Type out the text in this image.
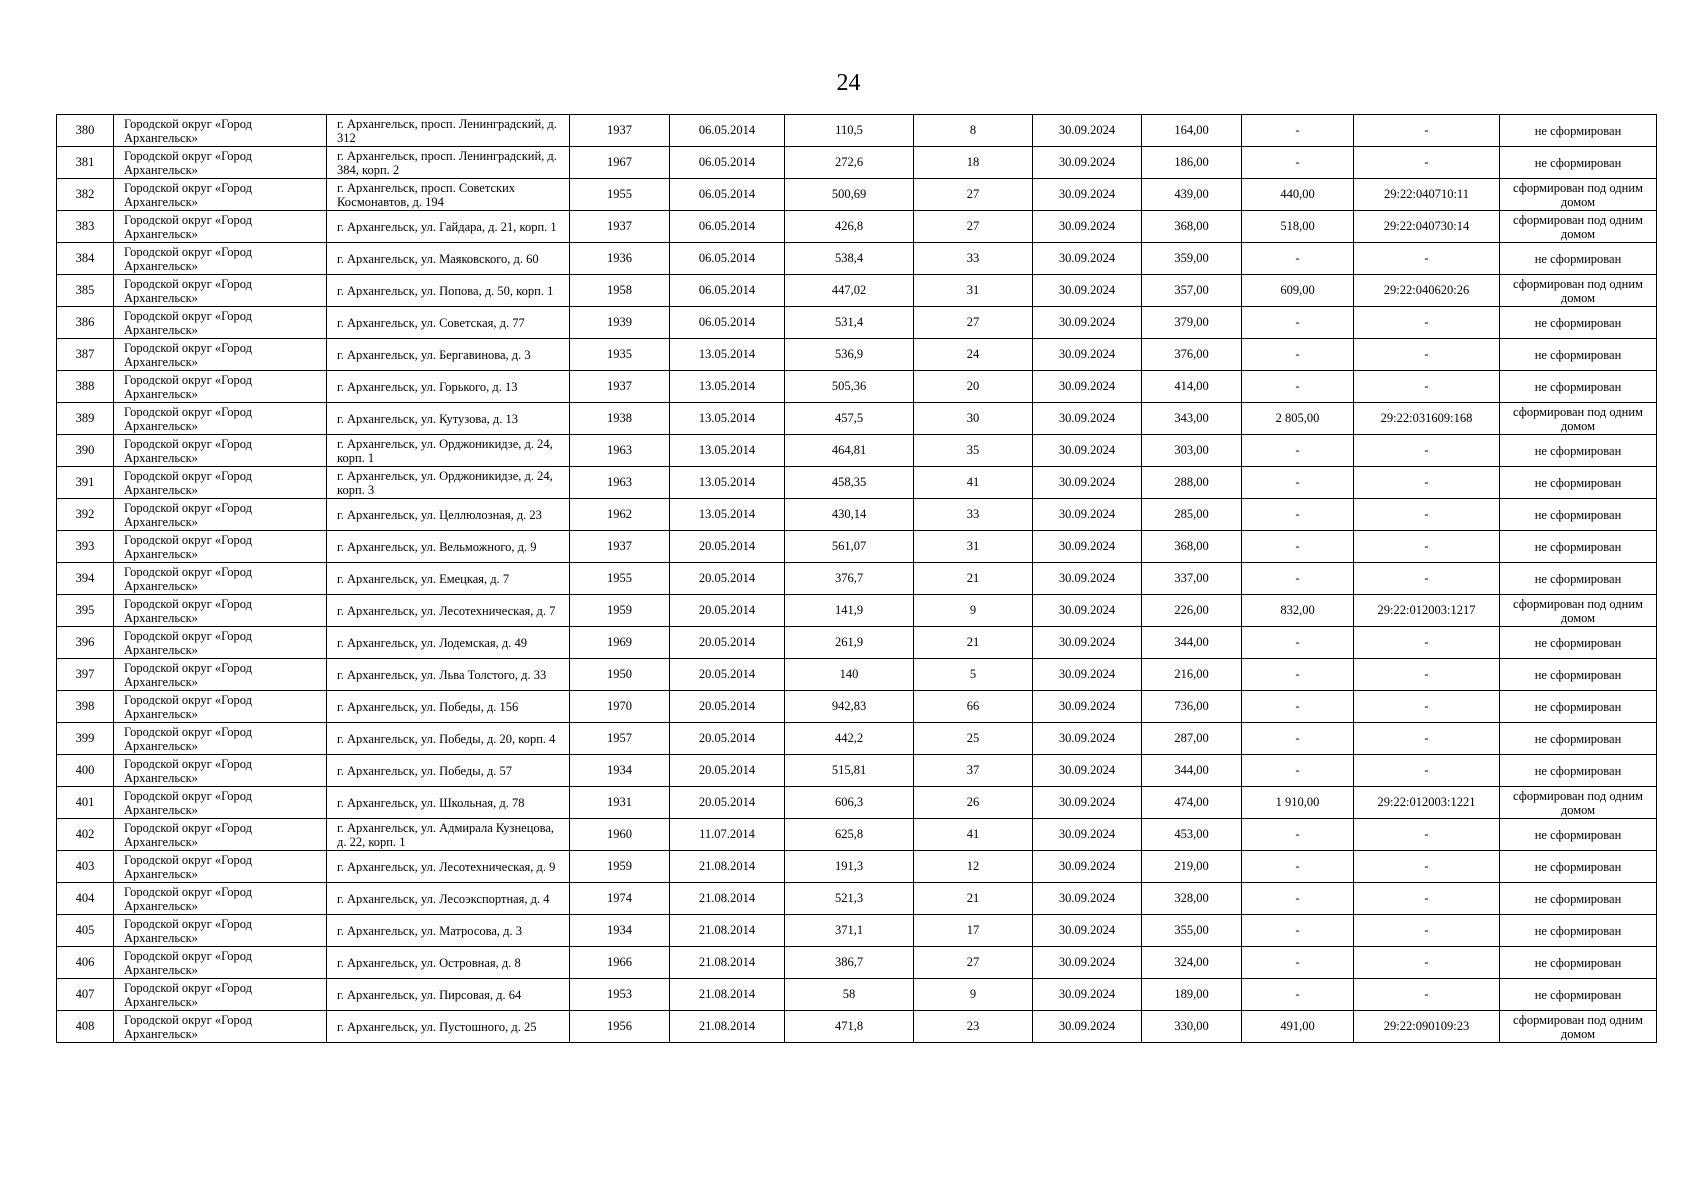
24
380	Городской округ «Город Архангельск»	г. Архангельск, просп. Ленинградский, д. 312	1937	06.05.2014	110,5	8	30.09.2024	164,00	-	-	не сформирован
381	Городской округ «Город Архангельск»	г. Архангельск, просп. Ленинградский, д. 384, корп. 2	1967	06.05.2014	272,6	18	30.09.2024	186,00	-	-	не сформирован
382	Городской округ «Город Архангельск»	г. Архангельск, просп. Советских Космонавтов, д. 194	1955	06.05.2014	500,69	27	30.09.2024	439,00	440,00	29:22:040710:11	сформирован под одним домом
383	Городской округ «Город Архангельск»	г. Архангельск, ул. Гайдара, д. 21, корп. 1	1937	06.05.2014	426,8	27	30.09.2024	368,00	518,00	29:22:040730:14	сформирован под одним домом
384	Городской округ «Город Архангельск»	г. Архангельск, ул. Маяковского, д. 60	1936	06.05.2014	538,4	33	30.09.2024	359,00	-	-	не сформирован
385	Городской округ «Город Архангельск»	г. Архангельск, ул. Попова, д. 50, корп. 1	1958	06.05.2014	447,02	31	30.09.2024	357,00	609,00	29:22:040620:26	сформирован под одним домом
386	Городской округ «Город Архангельск»	г. Архангельск, ул. Советская, д. 77	1939	06.05.2014	531,4	27	30.09.2024	379,00	-	-	не сформирован
387	Городской округ «Город Архангельск»	г. Архангельск, ул. Бергавинова, д. 3	1935	13.05.2014	536,9	24	30.09.2024	376,00	-	-	не сформирован
388	Городской округ «Город Архангельск»	г. Архангельск, ул. Горького, д. 13	1937	13.05.2014	505,36	20	30.09.2024	414,00	-	-	не сформирован
389	Городской округ «Город Архангельск»	г. Архангельск, ул. Кутузова, д. 13	1938	13.05.2014	457,5	30	30.09.2024	343,00	2 805,00	29:22:031609:168	сформирован под одним домом
390	Городской округ «Город Архангельск»	г. Архангельск, ул. Орджоникидзе, д. 24, корп. 1	1963	13.05.2014	464,81	35	30.09.2024	303,00	-	-	не сформирован
391	Городской округ «Город Архангельск»	г. Архангельск, ул. Орджоникидзе, д. 24, корп. 3	1963	13.05.2014	458,35	41	30.09.2024	288,00	-	-	не сформирован
392	Городской округ «Город Архангельск»	г. Архангельск, ул. Целлюлозная, д. 23	1962	13.05.2014	430,14	33	30.09.2024	285,00	-	-	не сформирован
393	Городской округ «Город Архангельск»	г. Архангельск, ул. Вельможного, д. 9	1937	20.05.2014	561,07	31	30.09.2024	368,00	-	-	не сформирован
394	Городской округ «Город Архангельск»	г. Архангельск, ул. Емецкая, д. 7	1955	20.05.2014	376,7	21	30.09.2024	337,00	-	-	не сформирован
395	Городской округ «Город Архангельск»	г. Архангельск, ул. Лесотехническая, д. 7	1959	20.05.2014	141,9	9	30.09.2024	226,00	832,00	29:22:012003:1217	сформирован под одним домом
396	Городской округ «Город Архангельск»	г. Архангельск, ул. Лодемская, д. 49	1969	20.05.2014	261,9	21	30.09.2024	344,00	-	-	не сформирован
397	Городской округ «Город Архангельск»	г. Архангельск, ул. Льва Толстого, д. 33	1950	20.05.2014	140	5	30.09.2024	216,00	-	-	не сформирован
398	Городской округ «Город Архангельск»	г. Архангельск, ул. Победы, д. 156	1970	20.05.2014	942,83	66	30.09.2024	736,00	-	-	не сформирован
399	Городской округ «Город Архангельск»	г. Архангельск, ул. Победы, д. 20, корп. 4	1957	20.05.2014	442,2	25	30.09.2024	287,00	-	-	не сформирован
400	Городской округ «Город Архангельск»	г. Архангельск, ул. Победы, д. 57	1934	20.05.2014	515,81	37	30.09.2024	344,00	-	-	не сформирован
401	Городской округ «Город Архангельск»	г. Архангельск, ул. Школьная, д. 78	1931	20.05.2014	606,3	26	30.09.2024	474,00	1 910,00	29:22:012003:1221	сформирован под одним домом
402	Городской округ «Город Архангельск»	г. Архангельск, ул. Адмирала Кузнецова, д. 22, корп. 1	1960	11.07.2014	625,8	41	30.09.2024	453,00	-	-	не сформирован
403	Городской округ «Город Архангельск»	г. Архангельск, ул. Лесотехническая, д. 9	1959	21.08.2014	191,3	12	30.09.2024	219,00	-	-	не сформирован
404	Городской округ «Город Архангельск»	г. Архангельск, ул. Лесоэкспортная, д. 4	1974	21.08.2014	521,3	21	30.09.2024	328,00	-	-	не сформирован
405	Городской округ «Город Архангельск»	г. Архангельск, ул. Матросова, д. 3	1934	21.08.2014	371,1	17	30.09.2024	355,00	-	-	не сформирован
406	Городской округ «Город Архангельск»	г. Архангельск, ул. Островная, д. 8	1966	21.08.2014	386,7	27	30.09.2024	324,00	-	-	не сформирован
407	Городской округ «Город Архангельск»	г. Архангельск, ул. Пирсовая, д. 64	1953	21.08.2014	58	9	30.09.2024	189,00	-	-	не сформирован
408	Городской округ «Город Архангельск»	г. Архангельск, ул. Пустошного, д. 25	1956	21.08.2014	471,8	23	30.09.2024	330,00	491,00	29:22:090109:23	сформирован под одним домом
